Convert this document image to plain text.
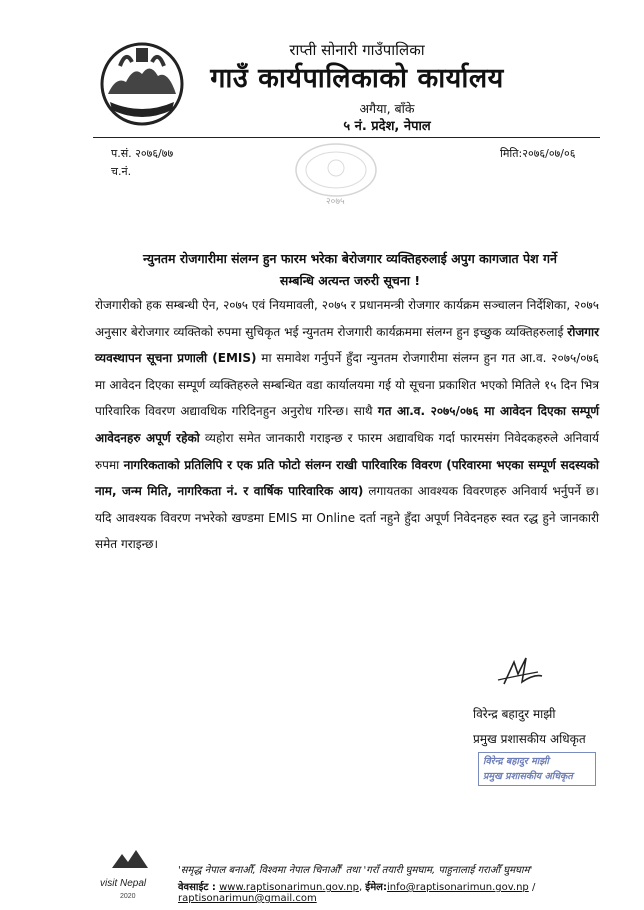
राप्ती सोनारी गाउँपालिका
गाउँ कार्यपालिकाको कार्यालय
अगैया, बाँके
५ नं. प्रदेश, नेपाल
प.सं. २०७६/७७
च.नं.
मिति:२०७६/०७/०६
२०७५
न्युनतम रोजगारीमा संलग्न हुन फारम भरेका बेरोजगार व्यक्तिहरुलाई अपुग कागजात पेश गर्ने
सम्बन्धि अत्यन्त जरुरी सूचना !

रोजगारीको हक सम्बन्धी ऐन, २०७५ एवं नियमावली, २०७५ र प्रधानमन्त्री रोजगार कार्यक्रम सञ्चालन निर्देशिका, २०७५ अनुसार बेरोजगार व्यक्तिको रुपमा सुचिकृत भई न्युनतम रोजगारी कार्यक्रममा संलग्न हुन इच्छुक व्यक्तिहरुलाई रोजगार व्यवस्थापन सूचना प्रणाली (EMIS) मा समावेश गर्नुपर्ने हुँदा न्युनतम रोजगारीमा संलग्न हुन गत आ.व. २०७५/०७६ मा आवेदन दिएका सम्पूर्ण व्यक्तिहरुले सम्बन्धित वडा कार्यालयमा गई यो सूचना प्रकाशित भएको मितिले १५ दिन भित्र पारिवारिक विवरण अद्यावधिक गरिदिनहुन अनुरोध गरिन्छ। साथै गत आ.व. २०७५/०७६ मा आवेदन दिएका सम्पूर्ण आवेदनहरु अपूर्ण रहेको व्यहोरा समेत जानकारी गराइन्छ र फारम अद्यावधिक गर्दा फारमसंग निवेदकहरुले अनिवार्य रुपमा नागरिकताको प्रतिलिपि र एक प्रति फोटो संलग्न राखी पारिवारिक विवरण (परिवारमा भएका सम्पूर्ण सदस्यको नाम, जन्म मिति, नागरिकता नं. र वार्षिक पारिवारिक आय) लगायतका आवश्यक विवरणहरु अनिवार्य भर्नुपर्ने छ। यदि आवश्यक विवरण नभरेको खण्डमा EMIS मा Online दर्ता नहुने हुँदा अपूर्ण निवेदनहरु स्वत रद्ध हुने जानकारी समेत गराइन्छ।

विरेन्द्र बहादुर माझी
प्रमुख प्रशासकीय अधिकृत
विरेन्द्र बहादुर माझी
प्रमुख प्रशासकीय अधिकृत
visit Nepal
2020
'समृद्ध नेपाल बनाऔँ, विश्वमा नेपाल चिनाऔँ' तथा 'गराँ तयारी घुमघाम, पाहुनालाई गराऔँ घुमघाम'
वेवसाईट : www.raptisonarimun.gov.np, ईमेल:info@raptisonarimun.gov.np / raptisonarimun@gmail.com
